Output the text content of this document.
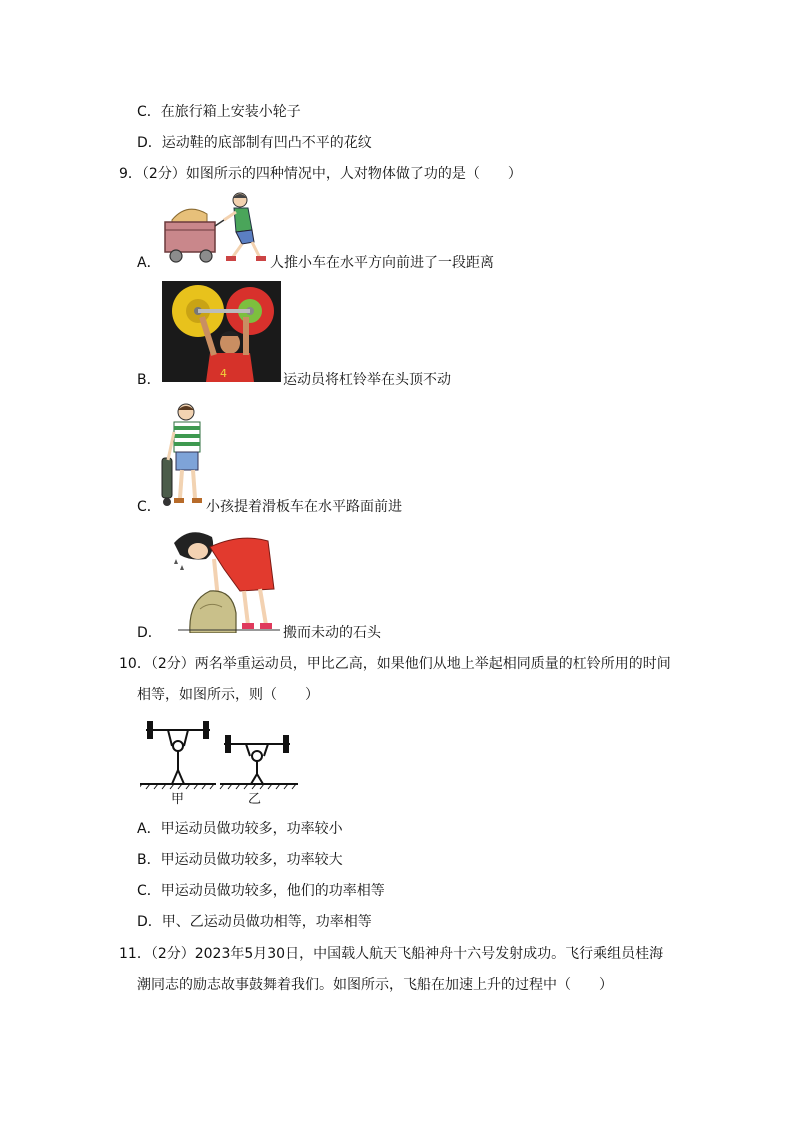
C．在旅行箱上安装小轮子
D．运动鞋的底部制有凹凸不平的花纹
9．（2分）如图所示的四种情况中，人对物体做了功的是（　　）
A．	人推小车在水平方向前进了一段距离
4
B．	运动员将杠铃举在头顶不动
C．	小孩提着滑板车在水平路面前进
D．	搬而未动的石头
10．（2分）两名举重运动员，甲比乙高，如果他们从地上举起相同质量的杠铃所用的时间
相等，如图所示，则（　　）
甲	乙
A．甲运动员做功较多，功率较小
B．甲运动员做功较多，功率较大
C．甲运动员做功较多，他们的功率相等
D．甲、乙运动员做功相等，功率相等
11．（2分）2023年5月30日，中国载人航天飞船神舟十六号发射成功。飞行乘组员桂海
潮同志的励志故事鼓舞着我们。如图所示，飞船在加速上升的过程中（　　）
